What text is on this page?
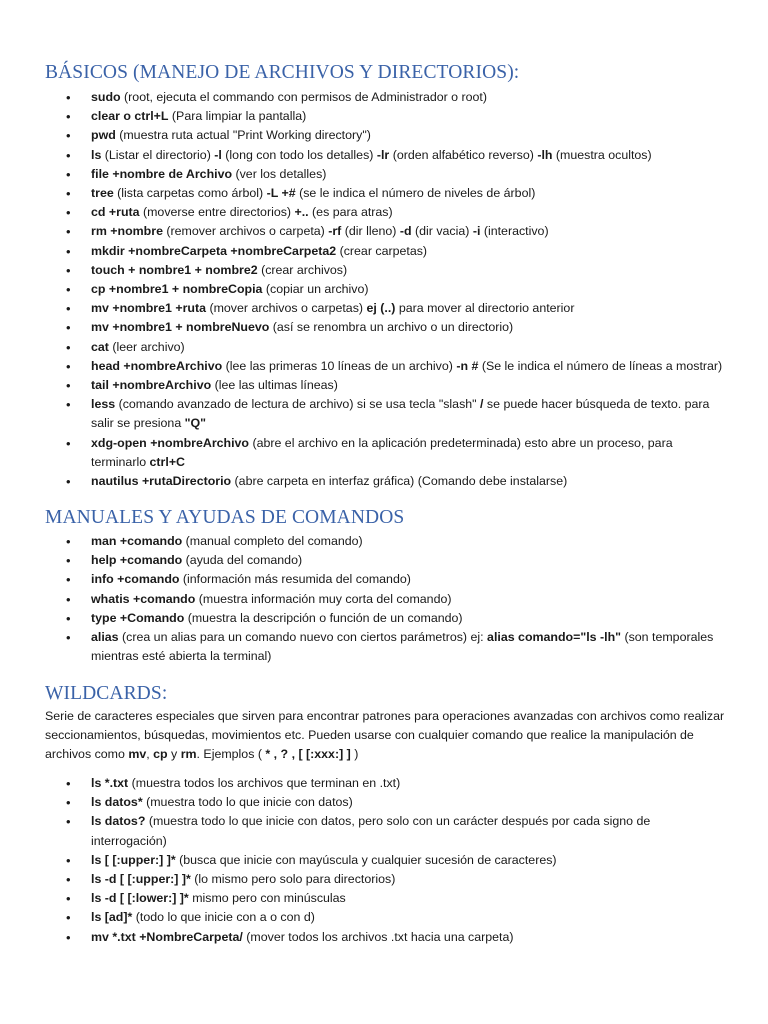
BÁSICOS (MANEJO DE ARCHIVOS Y DIRECTORIOS):
• sudo (root, ejecuta el commando con permisos de Administrador o root)
• clear o ctrl+L (Para limpiar la pantalla)
• pwd (muestra ruta actual "Print Working directory")
• ls (Listar el directorio) -l (long con todo los detalles) -lr (orden alfabético reverso) -lh (muestra ocultos)
• file +nombre de Archivo (ver los detalles)
• tree (lista carpetas como árbol) -L +# (se le indica el número de niveles de árbol)
• cd +ruta (moverse entre directorios) +.. (es para atras)
• rm +nombre (remover archivos o carpeta) -rf (dir lleno) -d (dir vacia) -i (interactivo)
• mkdir +nombreCarpeta +nombreCarpeta2 (crear carpetas)
• touch + nombre1 + nombre2 (crear archivos)
• cp +nombre1 + nombreCopia (copiar un archivo)
• mv +nombre1 +ruta (mover archivos o carpetas) ej (..) para mover al directorio anterior
• mv +nombre1 + nombreNuevo (así se renombra un archivo o un directorio)
• cat (leer archivo)
• head +nombreArchivo (lee las primeras 10 líneas de un archivo) -n # (Se le indica el número de líneas a mostrar)
• tail +nombreArchivo (lee las ultimas líneas)
• less (comando avanzado de lectura de archivo) si se usa tecla "slash" / se puede hacer búsqueda de texto. para salir se presiona "Q"
• xdg-open +nombreArchivo (abre el archivo en la aplicación predeterminada) esto abre un proceso, para terminarlo ctrl+C
• nautilus +rutaDirectorio (abre carpeta en interfaz gráfica) (Comando debe instalarse)
MANUALES Y AYUDAS DE COMANDOS
• man +comando (manual completo del comando)
• help +comando (ayuda del comando)
• info +comando (información más resumida del comando)
• whatis +comando (muestra información muy corta del comando)
• type +Comando (muestra la descripción o función de un comando)
• alias (crea un alias para un comando nuevo con ciertos parámetros) ej: alias comando="ls -lh" (son temporales mientras esté abierta la terminal)
WILDCARDS:

Serie de caracteres especiales que sirven para encontrar patrones para operaciones avanzadas con archivos como realizar seccionamientos, búsquedas, movimientos etc. Pueden usarse con cualquier comando que realice la manipulación de archivos como mv, cp y rm. Ejemplos ( * , ? , [ [:xxx:] ] )

• ls *.txt (muestra todos los archivos que terminan en .txt)
• ls datos* (muestra todo lo que inicie con datos)
• ls datos? (muestra todo lo que inicie con datos, pero solo con un carácter después por cada signo de interrogación)
• ls [ [:upper:] ]* (busca que inicie con mayúscula y cualquier sucesión de caracteres)
• ls -d [ [:upper:] ]* (lo mismo pero solo para directorios)
• ls -d [ [:lower:] ]* mismo pero con minúsculas
• ls [ad]* (todo lo que inicie con a o con d)
• mv *.txt +NombreCarpeta/ (mover todos los archivos .txt hacia una carpeta)
